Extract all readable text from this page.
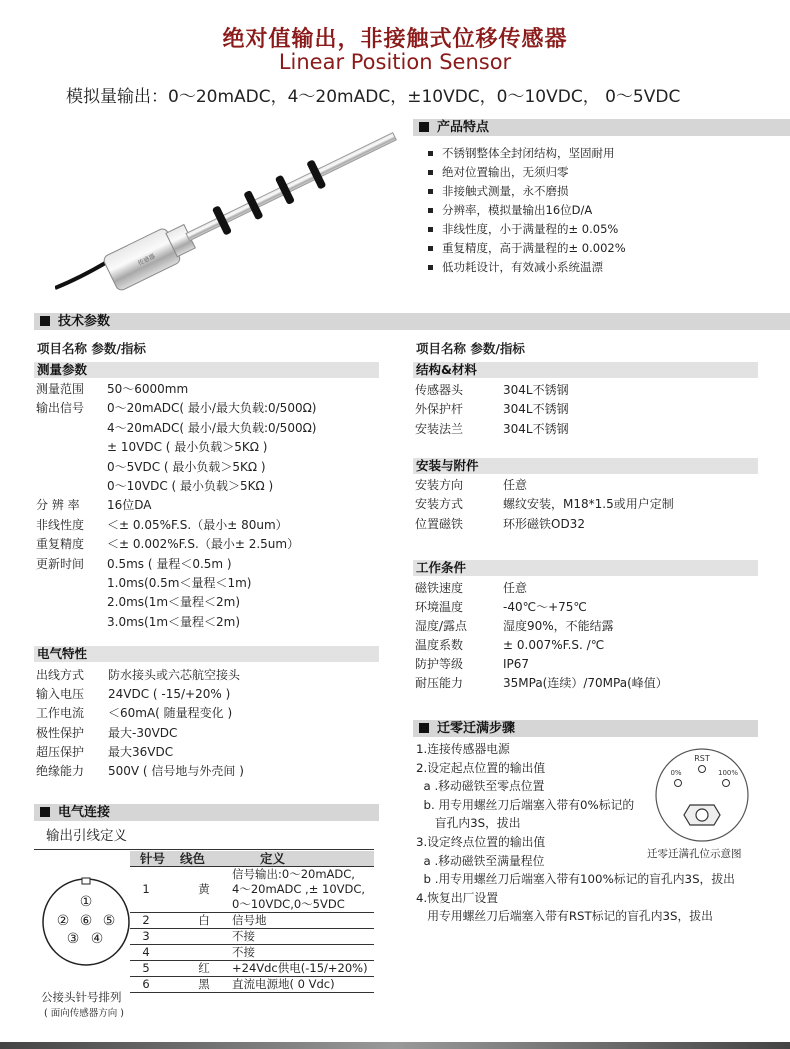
绝对值输出，非接触式位移传感器
Linear Position Sensor
模拟量输出：0～20mADC，4～20mADC，±10VDC，0～10VDC， 0～5VDC
传感器
产品特点
不锈钢整体全封闭结构，坚固耐用
绝对位置输出，无须归零
非接触式测量，永不磨损
分辨率，模拟量输出16位D/A
非线性度，小于满量程的± 0.05%
重复精度，高于满量程的± 0.002%
低功耗设计，有效减小系统温漂
技术参数
项目名称 参数/指标	项目名称 参数/指标
测量参数
测量范围 50～6000mm
输出信号 0～20mADC( 最小/最大负载:0/500Ω)
4～20mADC( 最小/最大负载:0/500Ω)
± 10VDC ( 最小负载＞5KΩ )
0～5VDC ( 最小负载＞5KΩ )
0～10VDC ( 最小负载＞5KΩ )
分 辨 率 16位DA
非线性度 ＜± 0.05%F.S.（最小± 80um）
重复精度 ＜± 0.002%F.S.（最小± 2.5um）
更新时间 0.5ms ( 量程＜0.5m )
1.0ms(0.5m＜量程＜1m)
2.0ms(1m＜量程＜2m)
3.0ms(1m＜量程＜2m)
电气特性
出线方式 防水接头或六芯航空接头
输入电压 24VDC ( -15/+20% )
工作电流 ＜60mA( 随量程变化 )
极性保护 最大-30VDC
超压保护 最大36VDC
绝缘能力 500V ( 信号地与外壳间 )
结构&材料
传感器头	304L不锈钢
外保护杆	304L不锈钢
安装法兰	304L不锈钢
安装与附件
安装方向	任意
安装方式	螺纹安装，M18*1.5或用户定制
位置磁铁	环形磁铁OD32
工作条件
磁铁速度	任意
环境温度	-40℃～+75℃
湿度/露点	湿度90%，不能结露
温度系数	± 0.007%F.S. /℃
防护等级	IP67
耐压能力	35MPa(连续）/70MPa(峰值）
电气连接
输出引线定义
①
② ⑥ ⑤
③ ④
公接头针号排列
( 面向传感器方向 )
针号	线色	定义
1	黄	信号输出:0～20mADC,
4～20mADC ,± 10VDC,
0～10VDC,0～5VDC

2	白	信号地

3		不接

4		不接

5	红	+24Vdc供电(-15/+20%)

6	黑	直流电源地( 0 Vdc)
迁零迁满步骤
1.连接传感器电源
2.设定起点位置的输出值
a .移动磁铁至零点位置
b. 用专用螺丝刀后端塞入带有0%标记的
盲孔内3S，拔出
3.设定终点位置的输出值
a .移动磁铁至满量程位
b .用专用螺丝刀后端塞入带有100%标记的盲孔内3S，拔出
4.恢复出厂设置
用专用螺丝刀后端塞入带有RST标记的盲孔内3S，拔出
RST
0%	100%
迁零迁满孔位示意图
